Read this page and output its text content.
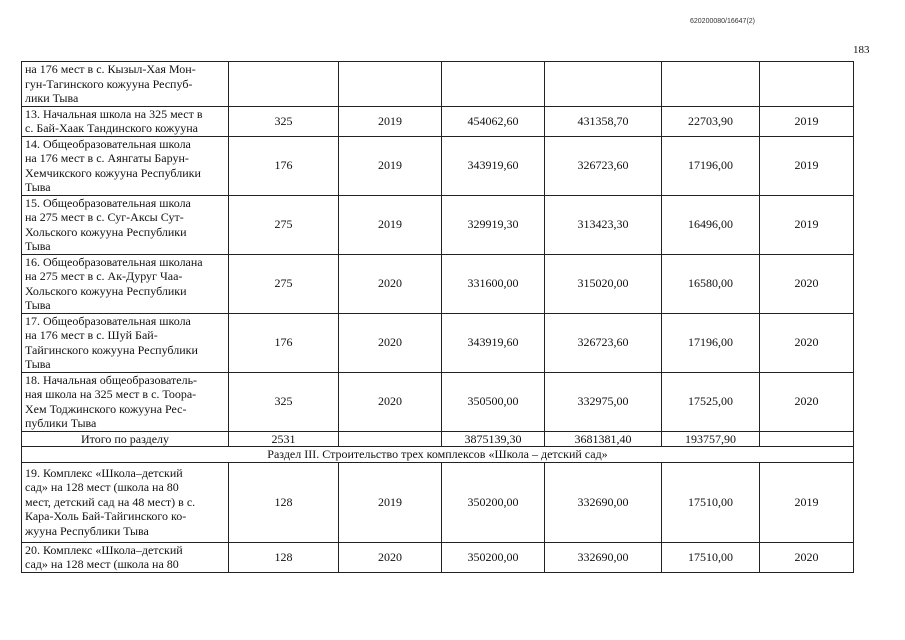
620200080/16647(2)
183
на 176 мест в с. Кызыл-Хая Мон-
гун-Тагинского кожууна Респуб-
лики Тыва						

13. Начальная школа на 325 мест в
с. Бай-Хаак Тандинского кожууна	325	2019	454062,60	431358,70	22703,90	2019

14. Общеобразовательная школа
на 176 мест в с. Аянгаты Барун-
Хемчикского кожууна Республики
Тыва	176	2019	343919,60	326723,60	17196,00	2019

15. Общеобразовательная школа
на 275 мест в с. Суг-Аксы Сут-
Хольского кожууна Республики
Тыва	275	2019	329919,30	313423,30	16496,00	2019

16. Общеобразовательная школана
на 275 мест в с. Ак-Дуруг Чаа-
Хольского кожууна Республики
Тыва	275	2020	331600,00	315020,00	16580,00	2020

17. Общеобразовательная школа
на 176 мест в с. Шуй Бай-
Тайгинского кожууна Республики
Тыва	176	2020	343919,60	326723,60	17196,00	2020

18. Начальная общеобразователь-
ная школа на 325 мест в с. Тоора-
Хем Тоджинского кожууна Рес-
публики Тыва	325	2020	350500,00	332975,00	17525,00	2020
Итого по разделу	2531		3875139,30	3681381,40	193757,90	
Раздел III. Строительство трех комплексов «Школа – детский сад»						

19. Комплекс «Школа–детский
сад» на 128 мест (школа на 80
мест, детский сад на 48 мест) в с.
Кара-Холь Бай-Тайгинского ко-
жууна Республики Тыва	128	2019	350200,00	332690,00	17510,00	2019

20. Комплекс «Школа–детский
сад» на 128 мест (школа на 80	128	2020	350200,00	332690,00	17510,00	2020
